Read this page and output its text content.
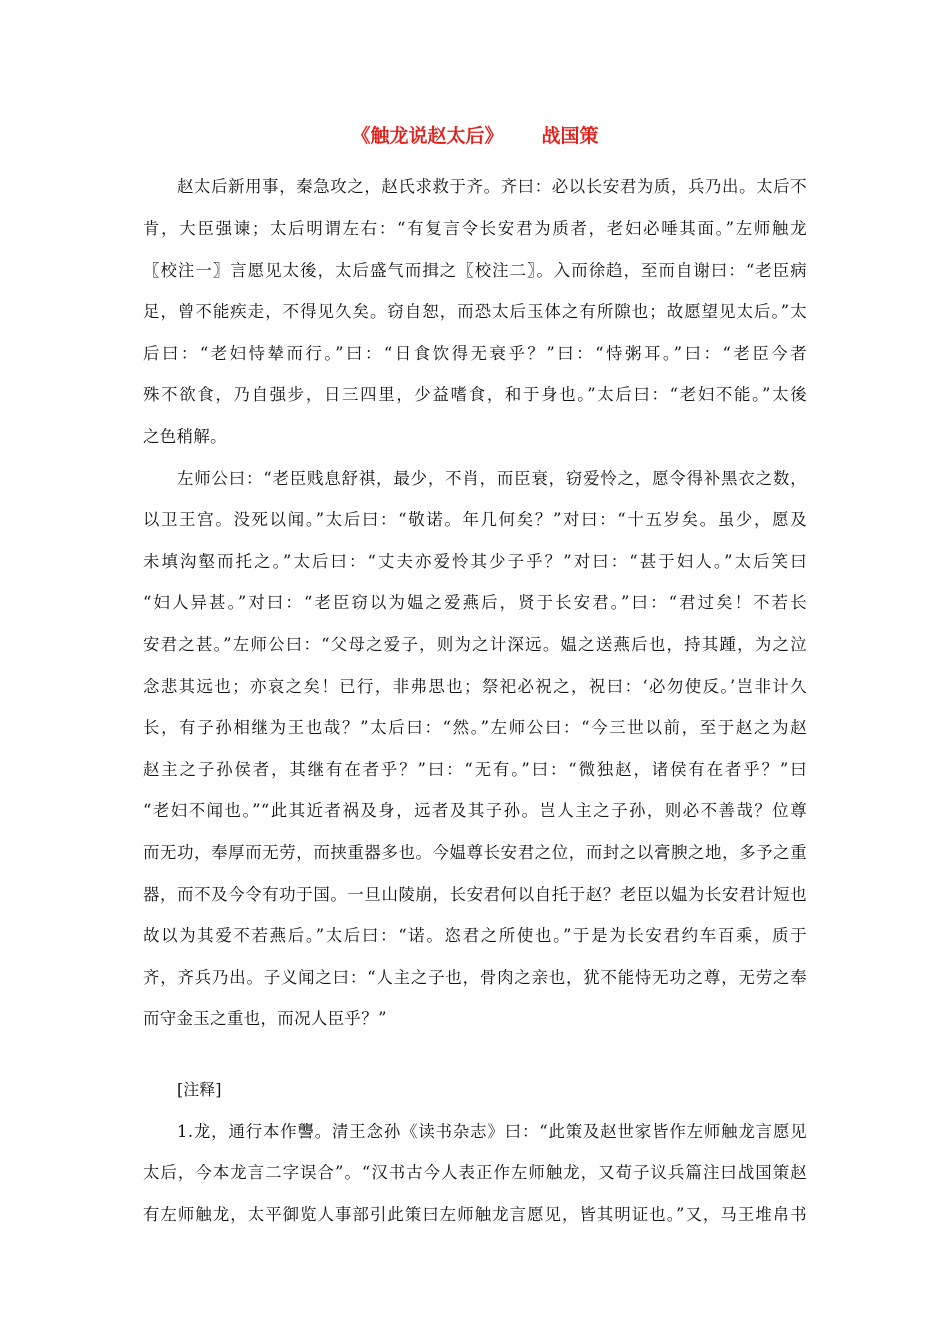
《触龙说赵太后》 战国策
赵太后新用事，秦急攻之，赵氏求救于齐。齐曰：必以长安君为质，兵乃出。太后不
肯，大臣强谏；太后明谓左右：“有复言令长安君为质者，老妇必唾其面。”左师触龙
〖校注一〗言愿见太後，太后盛气而揖之〖校注二〗。入而徐趋，至而自谢曰：“老臣病
足，曾不能疾走，不得见久矣。窃自恕，而恐太后玉体之有所隙也；故愿望见太后。”太
后曰：“老妇恃辇而行。”曰：“日食饮得无衰乎？”曰：“恃粥耳。”曰：“老臣今者
殊不欲食，乃自强步，日三四里，少益嗜食，和于身也。”太后曰：“老妇不能。”太後
之色稍解。
左师公曰：“老臣贱息舒祺，最少，不肖，而臣衰，窃爱怜之，愿令得补黑衣之数，
以卫王宫。没死以闻。”太后曰：“敬诺。年几何矣？”对曰：“十五岁矣。虽少，愿及
未填沟壑而托之。”太后曰：“丈夫亦爱怜其少子乎？”对曰：“甚于妇人。”太后笑曰
“妇人异甚。”对曰：“老臣窃以为媪之爱燕后，贤于长安君。”曰：“君过矣！不若长
安君之甚。”左师公曰：“父母之爱子，则为之计深远。媪之送燕后也，持其踵，为之泣
念悲其远也；亦哀之矣！已行，非弗思也；祭祀必祝之，祝曰：‘必勿使反。’岂非计久
长，有子孙相继为王也哉？”太后曰：“然。”左师公曰：“今三世以前，至于赵之为赵
赵主之子孙侯者，其继有在者乎？”曰：“无有。”曰：“微独赵，诸侯有在者乎？”曰
“老妇不闻也。”“此其近者祸及身，远者及其子孙。岂人主之子孙，则必不善哉？位尊
而无功，奉厚而无劳，而挟重器多也。今媪尊长安君之位，而封之以膏腴之地，多予之重
器，而不及今令有功于国。一旦山陵崩，长安君何以自托于赵？老臣以媪为长安君计短也
故以为其爱不若燕后。”太后曰：“诺。恣君之所使也。”于是为长安君约车百乘，质于
齐，齐兵乃出。子义闻之曰：“人主之子也，骨肉之亲也，犹不能恃无功之尊，无劳之奉
而守金玉之重也，而况人臣乎？”
[注释]
1.龙，通行本作讋。清王念孙《读书杂志》曰：“此策及赵世家皆作左师触龙言愿见
太后，今本龙言二字误合”。“汉书古今人表正作左师触龙，又荀子议兵篇注曰战国策赵
有左师触龙，太平御览人事部引此策曰左师触龙言愿见，皆其明证也。”又，马王堆帛书
